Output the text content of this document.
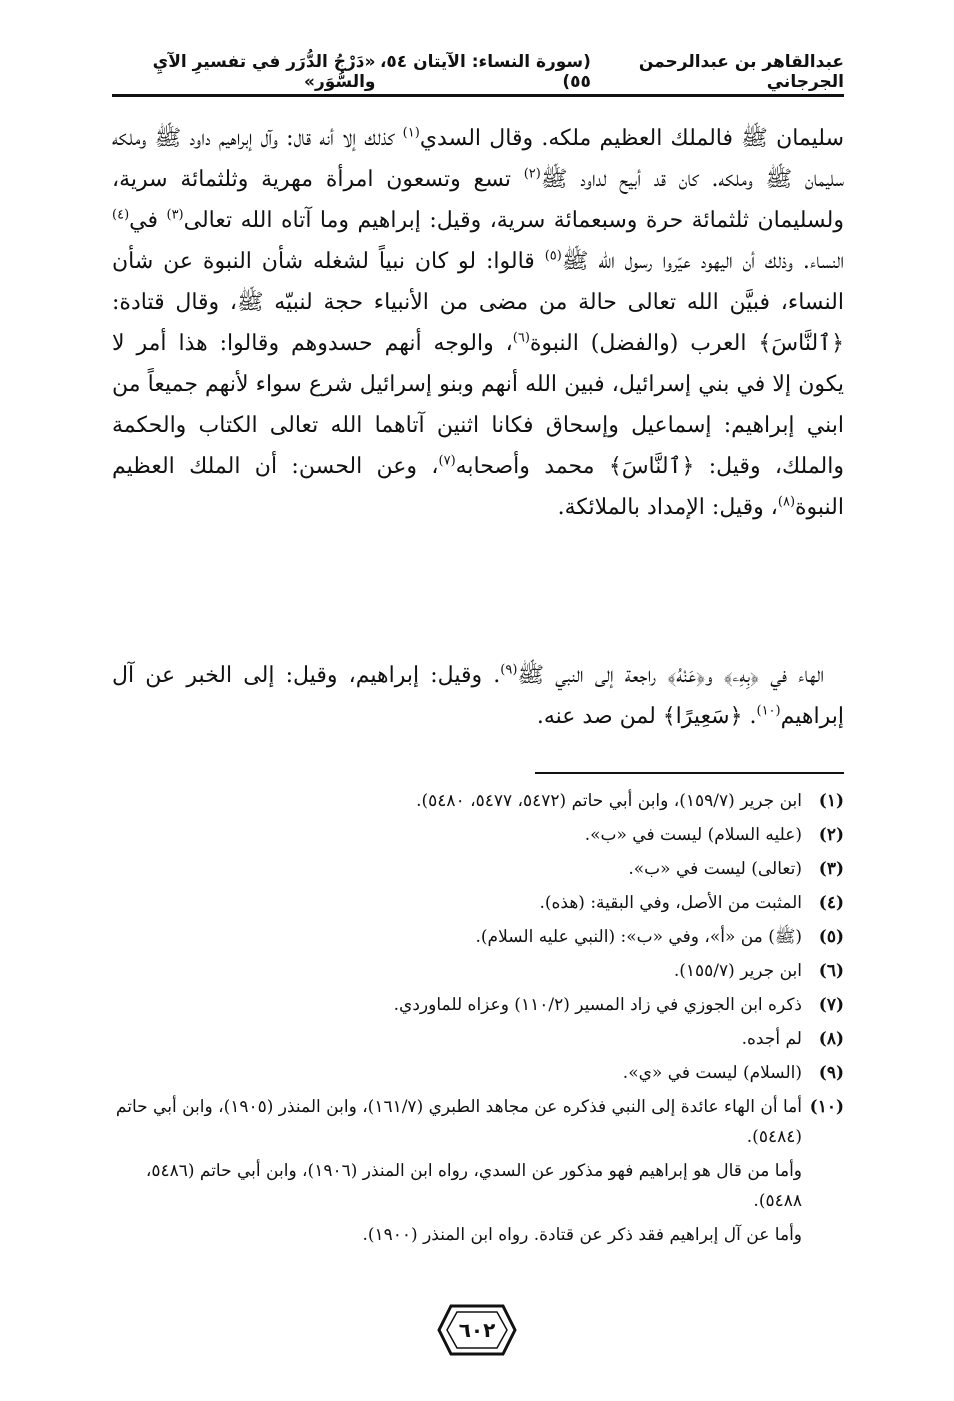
عبدالقاهر بن عبدالرحمن الجرجاني
(سورة النساء: الآيتان ٥٤، ٥٥)
«دَرْجُ الدُّرَر في تفسيرِ الآيِ والسُّوَر»

سليمان ﷺ فالملك العظيم ملكه. وقال السدي$^{(١)}$ كذلك إلا أنه قال: وآل إبراهيم داود ﷺ وملكه سليمان ﷺ وملكه. كان قد أبيح لداود ﷺ$^{(٢)}$ تسع وتسعون امرأة مهرية وثلثمائة سرية، ولسليمان ثلثمائة حرة وسبعمائة سرية، وقيل: إبراهيم وما آتاه الله تعالى$^{(٣)}$ في$^{(٤)}$ النساء. وذلك أن اليهود عيّروا رسول الله ﷺ$^{(٥)}$ قالوا: لو كان نبياً لشغله شأن النبوة عن شأن النساء، فبيَّن الله تعالى حالة من مضى من الأنبياء حجة لنبيّه ﷺ، وقال قتادة: ﴿ٱلنَّاسَ﴾ العرب (والفضل) النبوة$^{(٦)}$، والوجه أنهم حسدوهم وقالوا: هذا أمر لا يكون إلا في بني إسرائيل، فبين الله أنهم وبنو إسرائيل شرع سواء لأنهم جميعاً من ابني إبراهيم: إسماعيل وإسحاق فكانا اثنين آتاهما الله تعالى الكتاب والحكمة والملك، وقيل: ﴿ٱلنَّاسَ﴾ محمد وأصحابه$^{(٧)}$، وعن الحسن: أن الملك العظيم النبوة$^{(٨)}$، وقيل: الإمداد بالملائكة.

الهاء في ﴿بِهِۦ﴾ و﴿عَنْهُ﴾ راجعة إلى النبي ﷺ$^{(٩)}$. وقيل: إبراهيم، وقيل: إلى الخبر عن آل إبراهيم$^{(١٠)}$. ﴿سَعِيرًا﴾ لمن صد عنه.

(١)
ابن جرير (١٥٩/٧)، وابن أبي حاتم (٥٤٧٢، ٥٤٧٧، ٥٤٨٠).
(٢)
(عليه السلام) ليست في «ب».
(٣)
(تعالى) ليست في «ب».
(٤)
المثبت من الأصل، وفي البقية: (هذه).
(٥)
(ﷺ) من «أ»، وفي «ب»: (النبي عليه السلام).
(٦)
ابن جرير (١٥٥/٧).
(٧)
ذكره ابن الجوزي في زاد المسير (١١٠/٢) وعزاه للماوردي.
(٨)
لم أجده.
(٩)
(السلام) ليست في «ي».
(١٠)
أما أن الهاء عائدة إلى النبي فذكره عن مجاهد الطبري (١٦١/٧)، وابن المنذر (١٩٠٥)، وابن أبي حاتم (٥٤٨٤).
وأما من قال هو إبراهيم فهو مذكور عن السدي، رواه ابن المنذر (١٩٠٦)، وابن أبي حاتم (٥٤٨٦، ٥٤٨٨).
وأما عن آل إبراهيم فقد ذكر عن قتادة. رواه ابن المنذر (١٩٠٠).
٦٠٢
